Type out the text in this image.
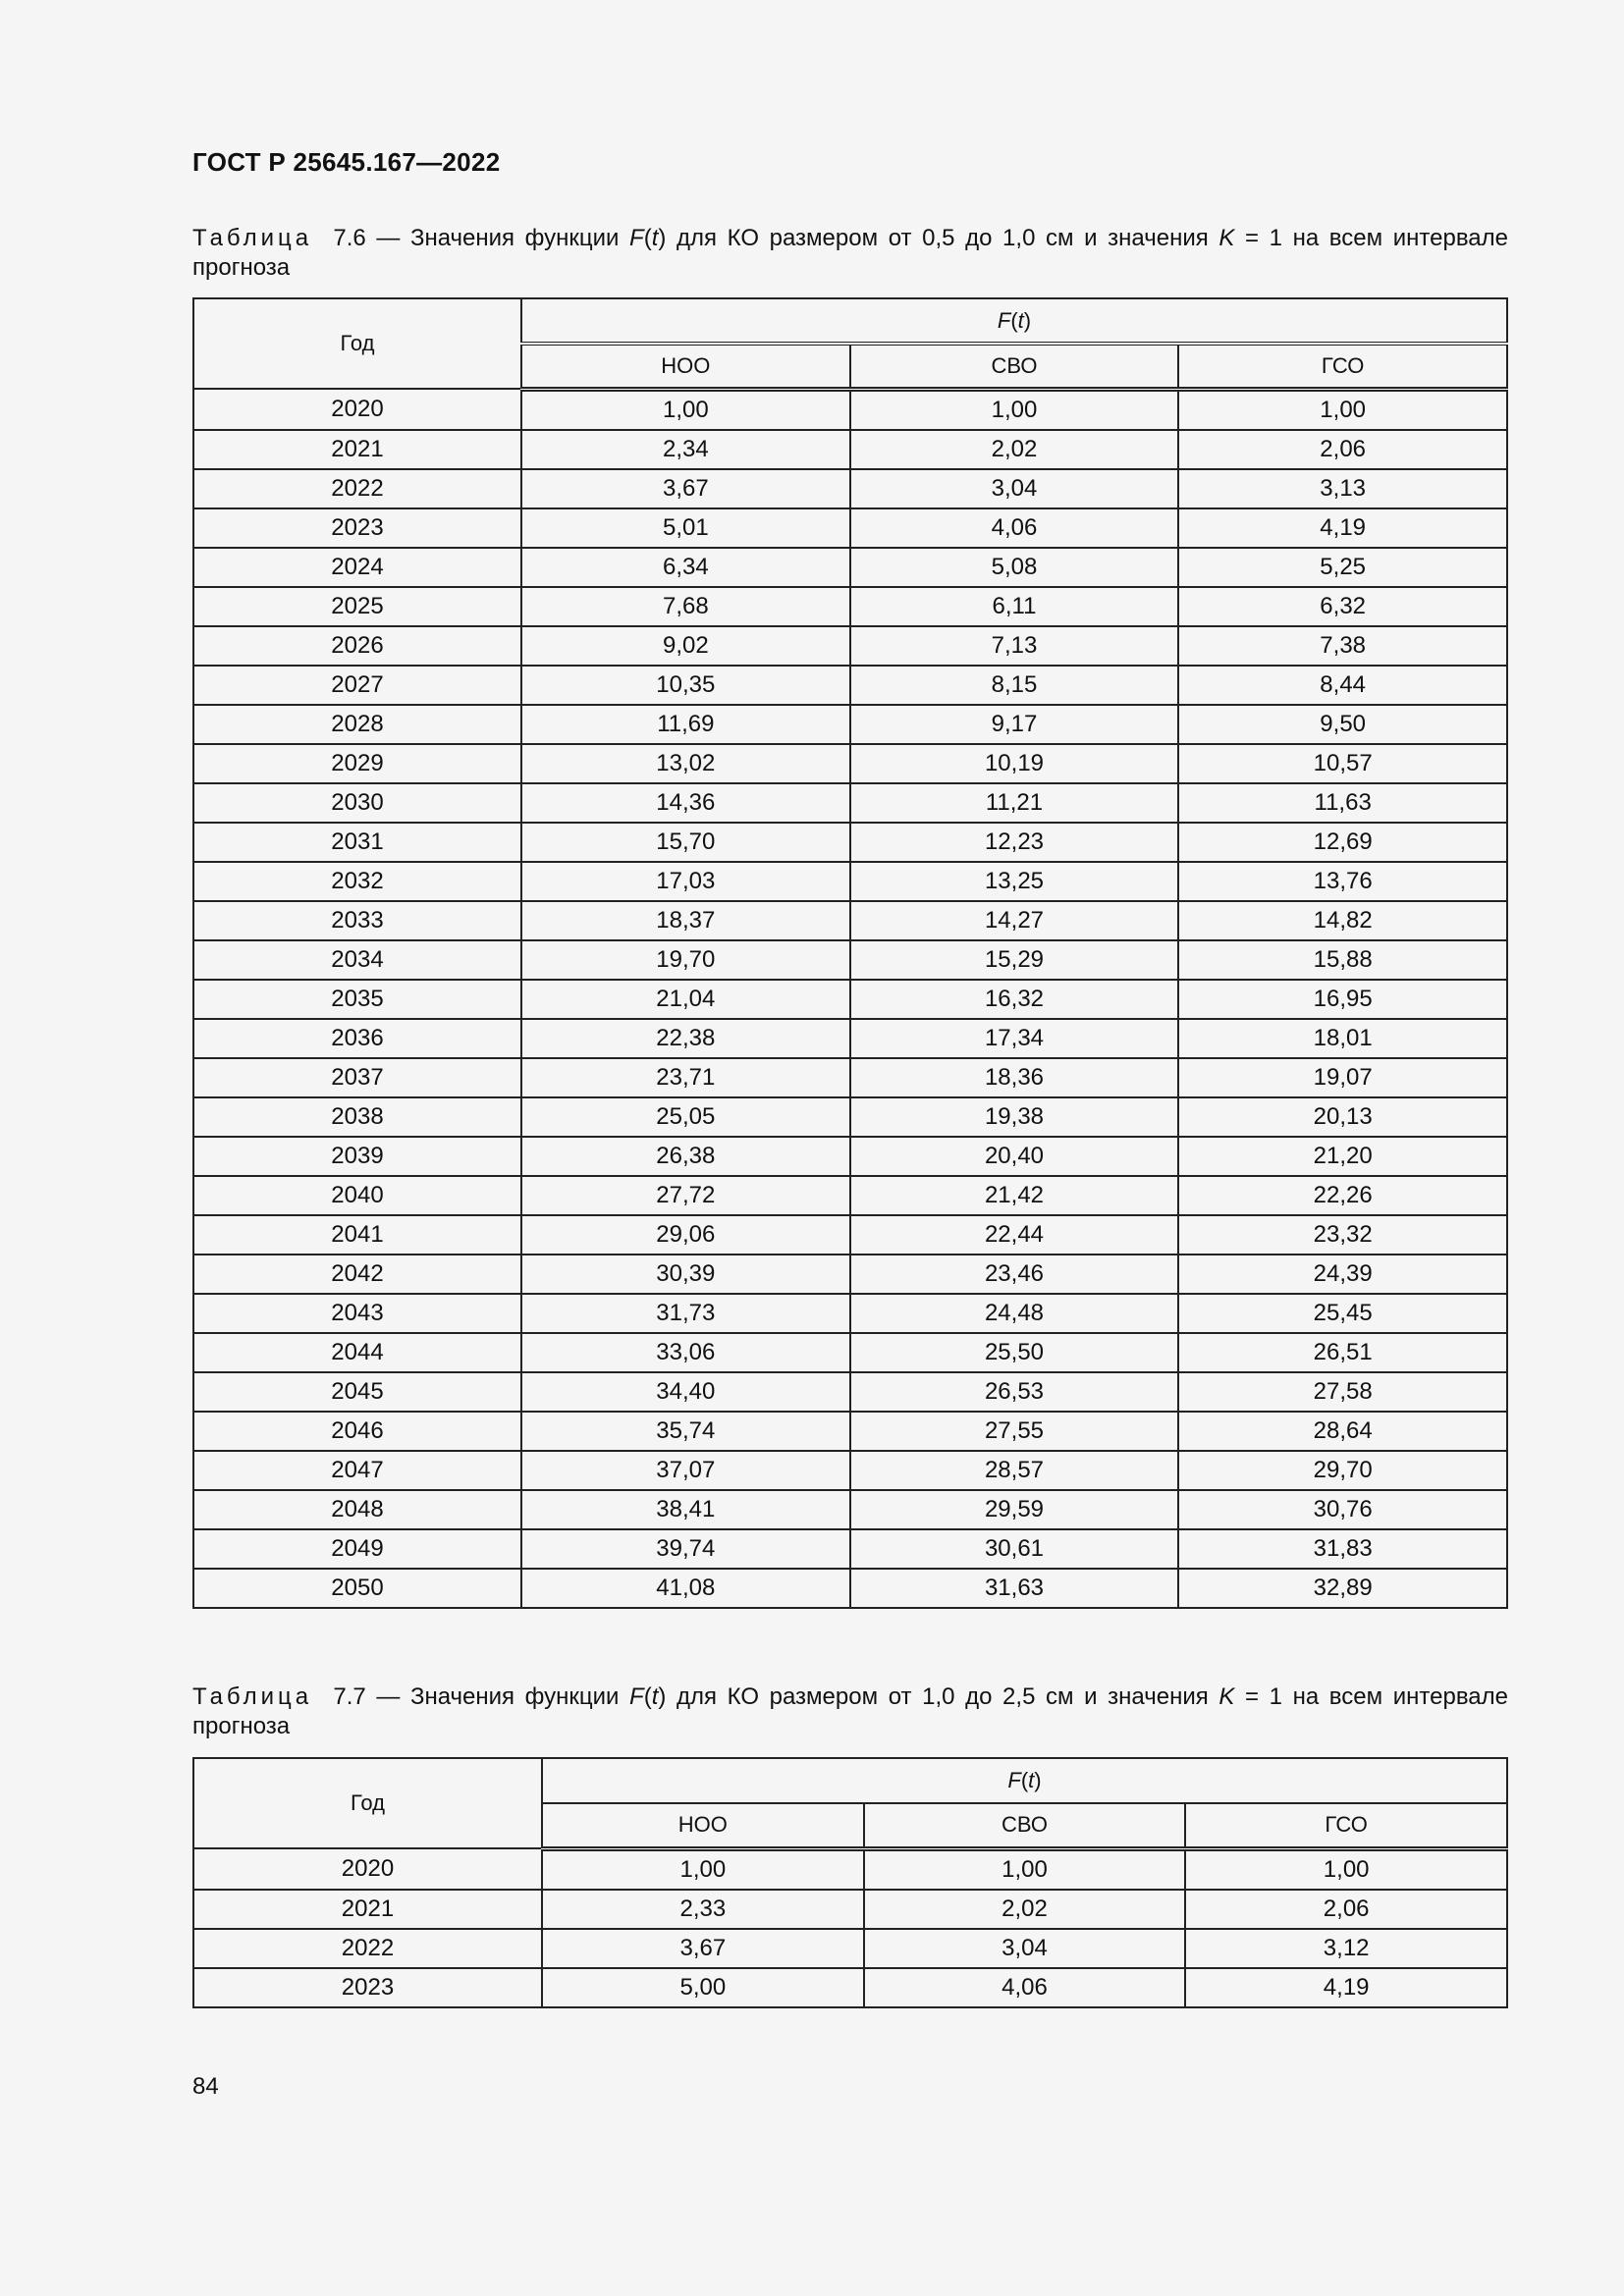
ГОСТ Р 25645.167—2022
Таблица 7.6 — Значения функции F(t) для КО размером от 0,5 до 1,0 см и значения K = 1 на всем интервале прогноза
Год	F(t)		
	НОО	СВО	ГСО
2020	1,00	1,00	1,00
2021	2,34	2,02	2,06
2022	3,67	3,04	3,13
2023	5,01	4,06	4,19
2024	6,34	5,08	5,25
2025	7,68	6,11	6,32
2026	9,02	7,13	7,38
2027	10,35	8,15	8,44
2028	11,69	9,17	9,50
2029	13,02	10,19	10,57
2030	14,36	11,21	11,63
2031	15,70	12,23	12,69
2032	17,03	13,25	13,76
2033	18,37	14,27	14,82
2034	19,70	15,29	15,88
2035	21,04	16,32	16,95
2036	22,38	17,34	18,01
2037	23,71	18,36	19,07
2038	25,05	19,38	20,13
2039	26,38	20,40	21,20
2040	27,72	21,42	22,26
2041	29,06	22,44	23,32
2042	30,39	23,46	24,39
2043	31,73	24,48	25,45
2044	33,06	25,50	26,51
2045	34,40	26,53	27,58
2046	35,74	27,55	28,64
2047	37,07	28,57	29,70
2048	38,41	29,59	30,76
2049	39,74	30,61	31,83
2050	41,08	31,63	32,89
Таблица 7.7 — Значения функции F(t) для КО размером от 1,0 до 2,5 см и значения K = 1 на всем интервале прогноза
Год	F(t)		
	НОО	СВО	ГСО
2020	1,00	1,00	1,00
2021	2,33	2,02	2,06
2022	3,67	3,04	3,12
2023	5,00	4,06	4,19
84
